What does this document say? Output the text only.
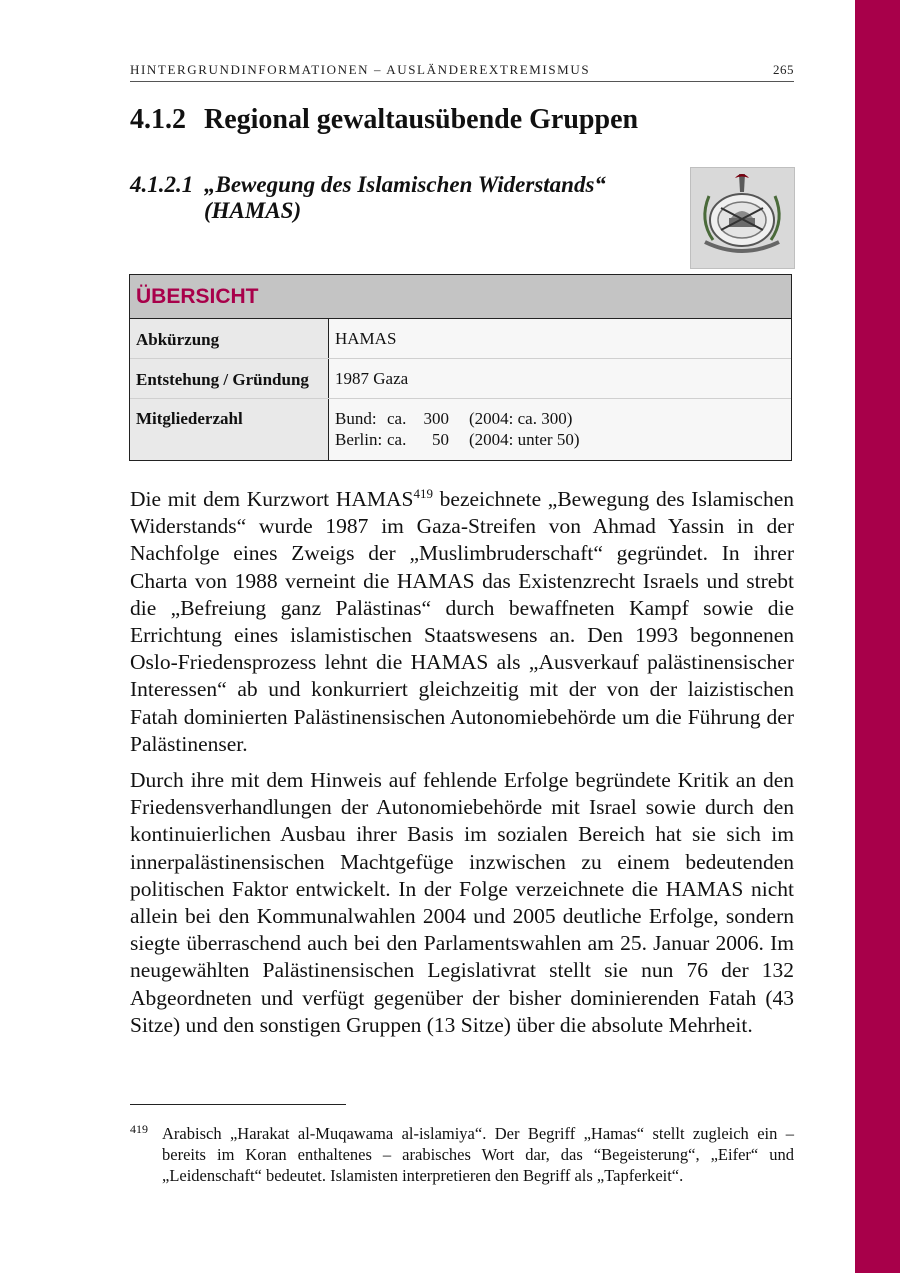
HINTERGRUNDINFORMATIONEN – AUSLÄNDEREXTREMISMUS	265
4.1.2 Regional gewaltausübende Gruppen
4.1.2.1 „Bewegung des Islamischen Widerstands“
(HAMAS)
ÜBERSICHT
Abkürzung	HAMAS
Entstehung / Gründung 1987 Gaza
Mitgliederzahl	Bund: ca. 300 (2004: ca. 300)
Berlin: ca. 50 (2004: unter 50)

Die mit dem Kurzwort HAMAS$^{419}$ bezeichnete „Bewegung des Islamischen Widerstands“ wurde 1987 im Gaza-Streifen von Ahmad Yassin in der Nachfolge eines Zweigs der „Muslimbruderschaft“ gegründet. In ihrer Charta von 1988 verneint die HAMAS das Existenzrecht Israels und strebt die „Befreiung ganz Palästinas“ durch bewaffneten Kampf sowie die Errichtung eines islamistischen Staatswesens an. Den 1993 begonnenen Oslo-Friedensprozess lehnt die HAMAS als „Ausverkauf palästinensischer Interessen“ ab und konkurriert gleichzeitig mit der von der laizistischen Fatah dominierten Palästinensischen Autonomiebehörde um die Führung der Palästinenser.

Durch ihre mit dem Hinweis auf fehlende Erfolge begründete Kritik an den Friedensverhandlungen der Autonomiebehörde mit Israel sowie durch den kontinuierlichen Ausbau ihrer Basis im sozialen Bereich hat sie sich im innerpalästinensischen Machtgefüge inzwischen zu einem bedeutenden politischen Faktor entwickelt. In der Folge verzeichnete die HAMAS nicht allein bei den Kommunalwahlen 2004 und 2005 deutliche Erfolge, sondern siegte überraschend auch bei den Parlamentswahlen am 25. Januar 2006. Im neugewählten Palästinensischen Legislativrat stellt sie nun 76 der 132 Abgeordneten und verfügt gegenüber der bisher dominierenden Fatah (43 Sitze) und den sonstigen Gruppen (13 Sitze) über die absolute Mehrheit.

419 Arabisch „Harakat al-Muqawama al-islamiya“. Der Begriff „Hamas“ stellt zugleich ein – bereits im Koran enthaltenes – arabisches Wort dar, das “Begeisterung“, „Eifer“ und „Leidenschaft“ bedeutet. Islamisten interpretieren den Begriff als „Tapferkeit“.
